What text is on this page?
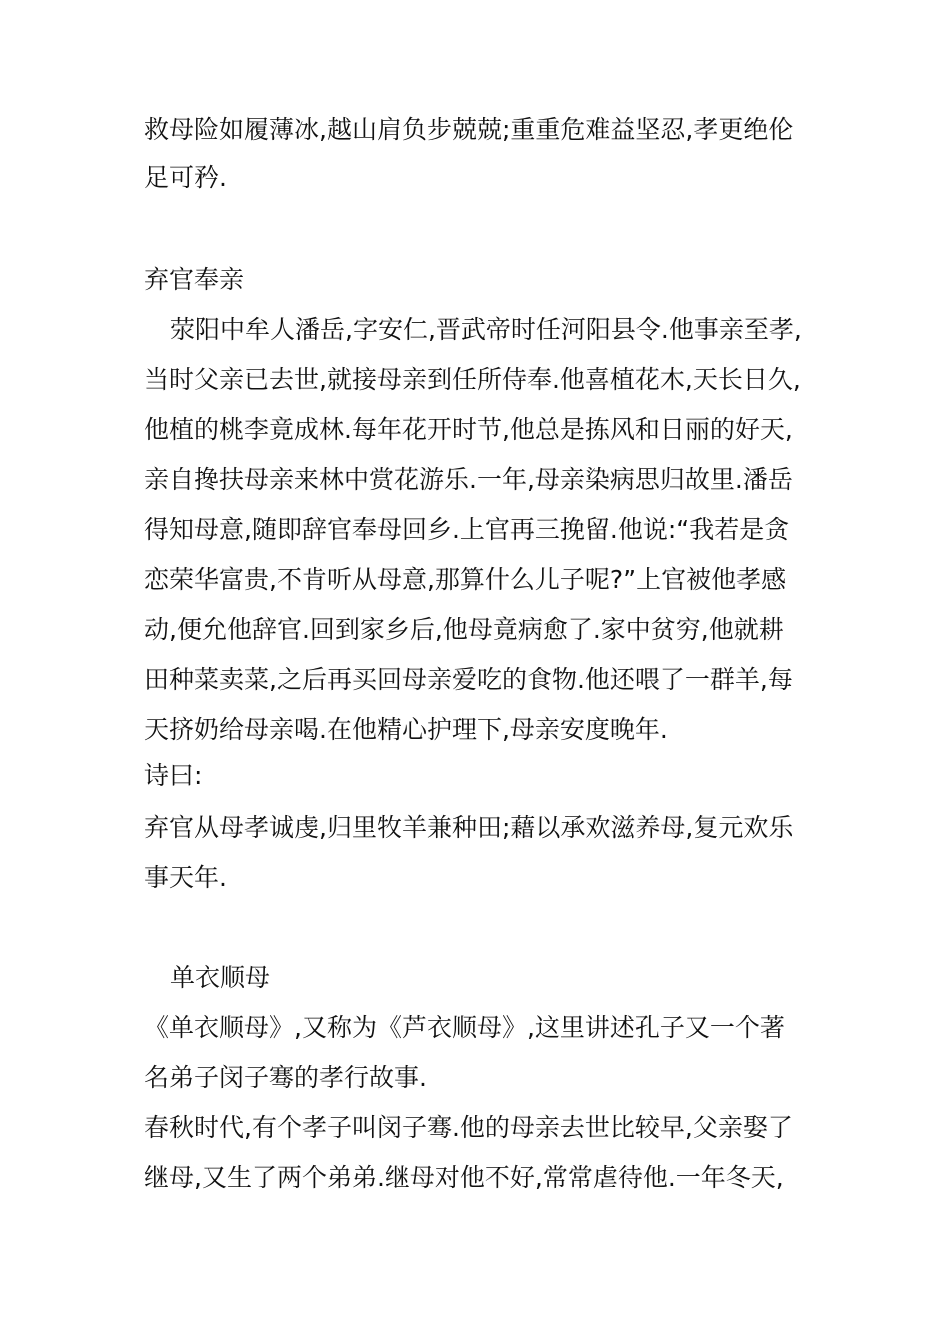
救母险如履薄冰,越山肩负步兢兢;重重危难益坚忍,孝更绝伦
足可矜.
弃官奉亲
荥阳中牟人潘岳,字安仁,晋武帝时任河阳县令.他事亲至孝,
当时父亲已去世,就接母亲到任所侍奉.他喜植花木,天长日久,
他植的桃李竟成林.每年花开时节,他总是拣风和日丽的好天,
亲自搀扶母亲来林中赏花游乐.一年,母亲染病思归故里.潘岳
得知母意,随即辞官奉母回乡.上官再三挽留.他说:“我若是贪
恋荣华富贵,不肯听从母意,那算什么儿子呢?”上官被他孝感
动,便允他辞官.回到家乡后,他母竟病愈了.家中贫穷,他就耕
田种菜卖菜,之后再买回母亲爱吃的食物.他还喂了一群羊,每
天挤奶给母亲喝.在他精心护理下,母亲安度晚年.
诗曰:
弃官从母孝诚虔,归里牧羊兼种田;藉以承欢滋养母,复元欢乐
事天年.
单衣顺母
《单衣顺母》,又称为《芦衣顺母》,这里讲述孔子又一个著
名弟子闵子骞的孝行故事.
春秋时代,有个孝子叫闵子骞.他的母亲去世比较早,父亲娶了
继母,又生了两个弟弟.继母对他不好,常常虐待他.一年冬天,
